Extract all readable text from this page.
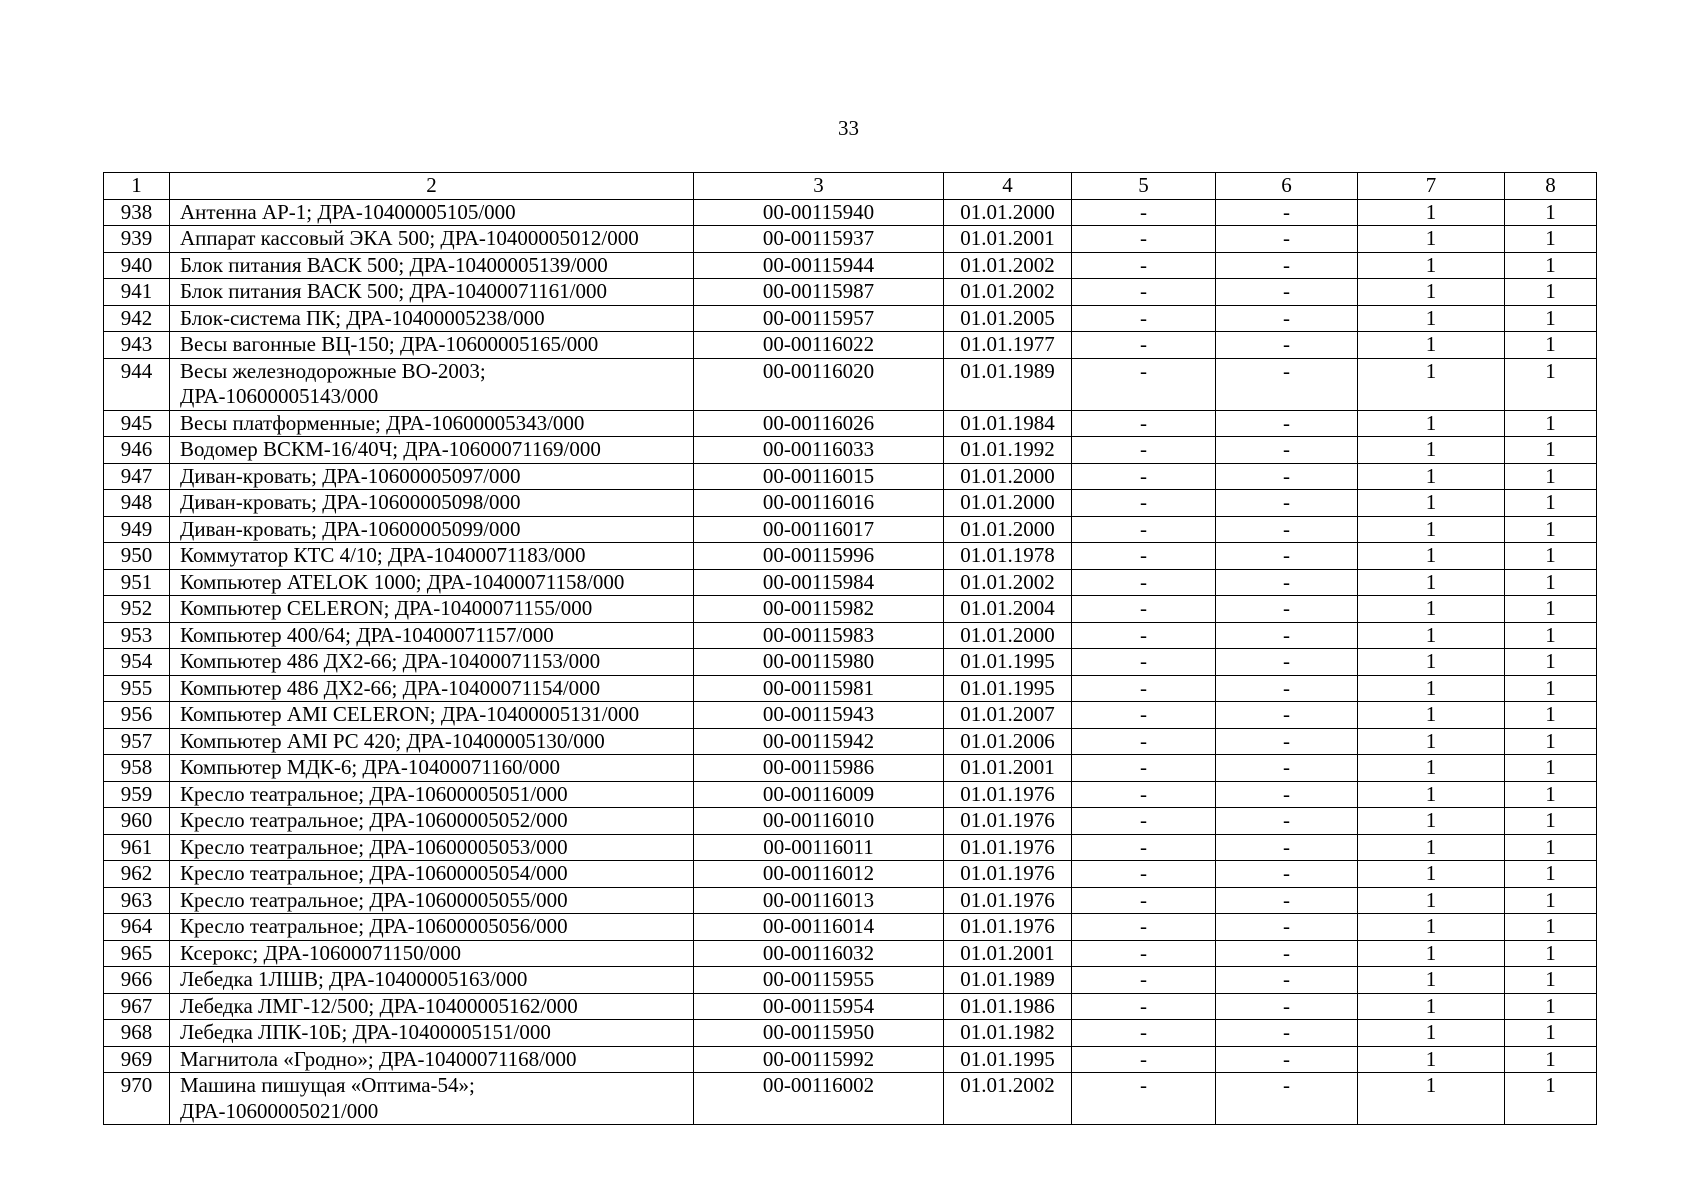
33
1	2	3	4	5	6	7	8
938	Антенна АР-1; ДРА-10400005105/000	00-00115940	01.01.2000	-	-	1	1
939	Аппарат кассовый ЭКА 500; ДРА-10400005012/000	00-00115937	01.01.2001	-	-	1	1
940	Блок питания ВАСК 500; ДРА-10400005139/000	00-00115944	01.01.2002	-	-	1	1
941	Блок питания ВАСК 500; ДРА-10400071161/000	00-00115987	01.01.2002	-	-	1	1
942	Блок-система ПК; ДРА-10400005238/000	00-00115957	01.01.2005	-	-	1	1
943	Весы вагонные ВЦ-150; ДРА-10600005165/000	00-00116022	01.01.1977	-	-	1	1
944	Весы железнодорожные ВО-2003;
ДРА-10600005143/000	00-00116020	01.01.1989	-	-	1	1
945	Весы платформенные; ДРА-10600005343/000	00-00116026	01.01.1984	-	-	1	1
946	Водомер ВСКМ-16/40Ч; ДРА-10600071169/000	00-00116033	01.01.1992	-	-	1	1
947	Диван-кровать; ДРА-10600005097/000	00-00116015	01.01.2000	-	-	1	1
948	Диван-кровать; ДРА-10600005098/000	00-00116016	01.01.2000	-	-	1	1
949	Диван-кровать; ДРА-10600005099/000	00-00116017	01.01.2000	-	-	1	1
950	Коммутатор КТС 4/10; ДРА-10400071183/000	00-00115996	01.01.1978	-	-	1	1
951	Компьютер ATELOK 1000; ДРА-10400071158/000	00-00115984	01.01.2002	-	-	1	1
952	Компьютер CELERON; ДРА-10400071155/000	00-00115982	01.01.2004	-	-	1	1
953	Компьютер 400/64; ДРА-10400071157/000	00-00115983	01.01.2000	-	-	1	1
954	Компьютер 486 ДХ2-66; ДРА-10400071153/000	00-00115980	01.01.1995	-	-	1	1
955	Компьютер 486 ДХ2-66; ДРА-10400071154/000	00-00115981	01.01.1995	-	-	1	1
956	Компьютер AMI CELERON; ДРА-10400005131/000	00-00115943	01.01.2007	-	-	1	1
957	Компьютер AMI PC 420; ДРА-10400005130/000	00-00115942	01.01.2006	-	-	1	1
958	Компьютер МДК-6; ДРА-10400071160/000	00-00115986	01.01.2001	-	-	1	1
959	Кресло театральное; ДРА-10600005051/000	00-00116009	01.01.1976	-	-	1	1
960	Кресло театральное; ДРА-10600005052/000	00-00116010	01.01.1976	-	-	1	1
961	Кресло театральное; ДРА-10600005053/000	00-00116011	01.01.1976	-	-	1	1
962	Кресло театральное; ДРА-10600005054/000	00-00116012	01.01.1976	-	-	1	1
963	Кресло театральное; ДРА-10600005055/000	00-00116013	01.01.1976	-	-	1	1
964	Кресло театральное; ДРА-10600005056/000	00-00116014	01.01.1976	-	-	1	1
965	Ксерокс; ДРА-10600071150/000	00-00116032	01.01.2001	-	-	1	1
966	Лебедка 1ЛШВ; ДРА-10400005163/000	00-00115955	01.01.1989	-	-	1	1
967	Лебедка ЛМГ-12/500; ДРА-10400005162/000	00-00115954	01.01.1986	-	-	1	1
968	Лебедка ЛПК-10Б; ДРА-10400005151/000	00-00115950	01.01.1982	-	-	1	1
969	Магнитола «Гродно»; ДРА-10400071168/000	00-00115992	01.01.1995	-	-	1	1
970	Машина пишущая «Оптима-54»;
ДРА-10600005021/000	00-00116002	01.01.2002	-	-	1	1
